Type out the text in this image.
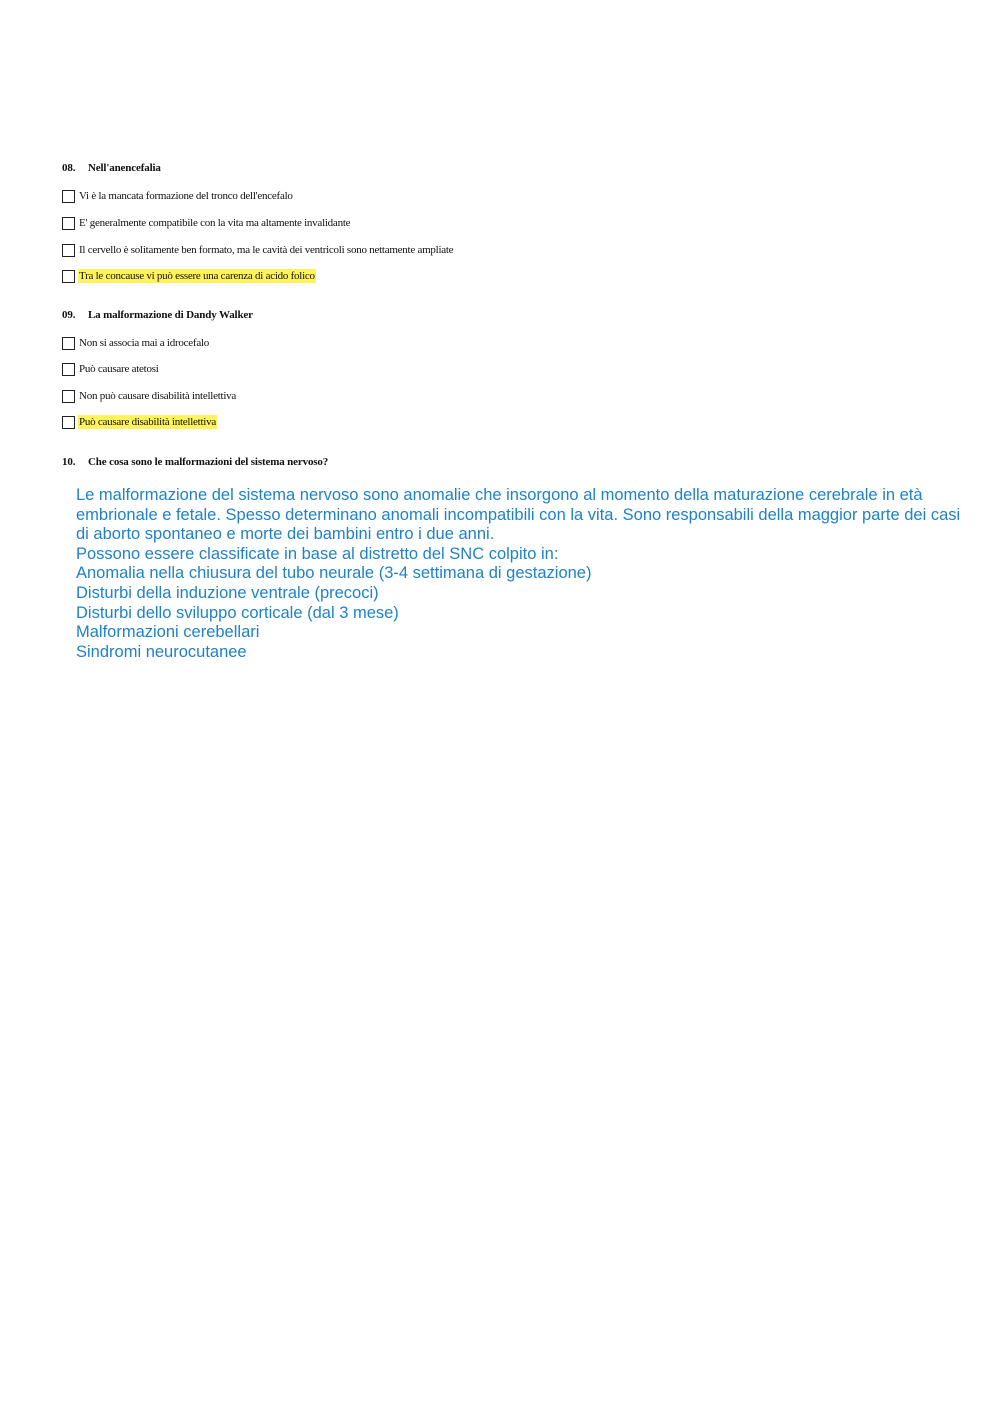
08. Nell'anencefalia
Vi è la mancata formazione del tronco dell'encefalo
E' generalmente compatibile con la vita ma altamente invalidante
Il cervello è solitamente ben formato, ma le cavità dei ventricoli sono nettamente ampliate
Tra le concause vi può essere una carenza di acido folico
09. La malformazione di Dandy Walker
Non si associa mai a idrocefalo
Può causare atetosi
Non può causare disabilità intellettiva
Può causare disabilità intellettiva
10. Che cosa sono le malformazioni del sistema nervoso?
Le malformazione del sistema nervoso sono anomalie che insorgono al momento della maturazione cerebrale in età embrionale e fetale. Spesso determinano anomali incompatibili con la vita. Sono responsabili della maggior parte dei casi di aborto spontaneo e morte dei bambini entro i due anni.
Possono essere classificate in base al distretto del SNC colpito in:
Anomalia nella chiusura del tubo neurale (3-4 settimana di gestazione)
Disturbi della induzione ventrale (precoci)
Disturbi dello sviluppo corticale (dal 3 mese)
Malformazioni cerebellari
Sindromi neurocutanee
